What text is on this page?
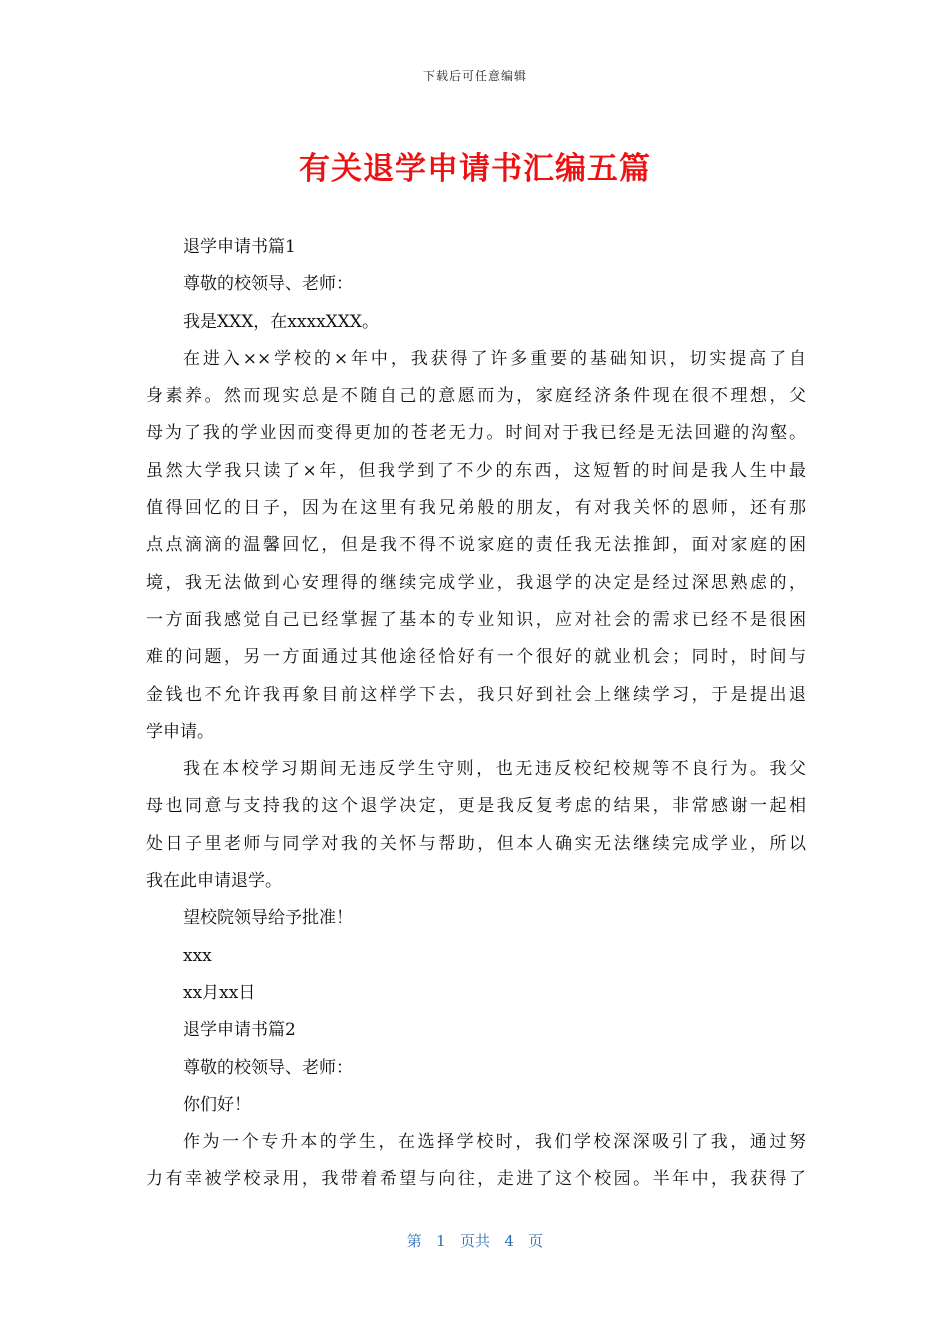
下载后可任意编辑
有关退学申请书汇编五篇
退学申请书篇1
尊敬的校领导、老师：
我是XXX，在xxxxXXX。
在进入××学校的×年中，我获得了许多重要的基础知识，切实提高了自
身素养。然而现实总是不随自己的意愿而为，家庭经济条件现在很不理想，父
母为了我的学业因而变得更加的苍老无力。时间对于我已经是无法回避的沟壑。
虽然大学我只读了×年，但我学到了不少的东西，这短暂的时间是我人生中最
值得回忆的日子，因为在这里有我兄弟般的朋友，有对我关怀的恩师，还有那
点点滴滴的温馨回忆，但是我不得不说家庭的责任我无法推卸，面对家庭的困
境，我无法做到心安理得的继续完成学业，我退学的决定是经过深思熟虑的，
一方面我感觉自己已经掌握了基本的专业知识，应对社会的需求已经不是很困
难的问题，另一方面通过其他途径恰好有一个很好的就业机会；同时，时间与
金钱也不允许我再象目前这样学下去，我只好到社会上继续学习，于是提出退
学申请。
我在本校学习期间无违反学生守则，也无违反校纪校规等不良行为。我父
母也同意与支持我的这个退学决定，更是我反复考虑的结果，非常感谢一起相
处日子里老师与同学对我的关怀与帮助，但本人确实无法继续完成学业，所以
我在此申请退学。
望校院领导给予批准！
xxx
xx月xx日
退学申请书篇2
尊敬的校领导、老师：
你们好！
作为一个专升本的学生，在选择学校时，我们学校深深吸引了我，通过努
力有幸被学校录用，我带着希望与向往，走进了这个校园。半年中，我获得了
第 1 页共 4 页
